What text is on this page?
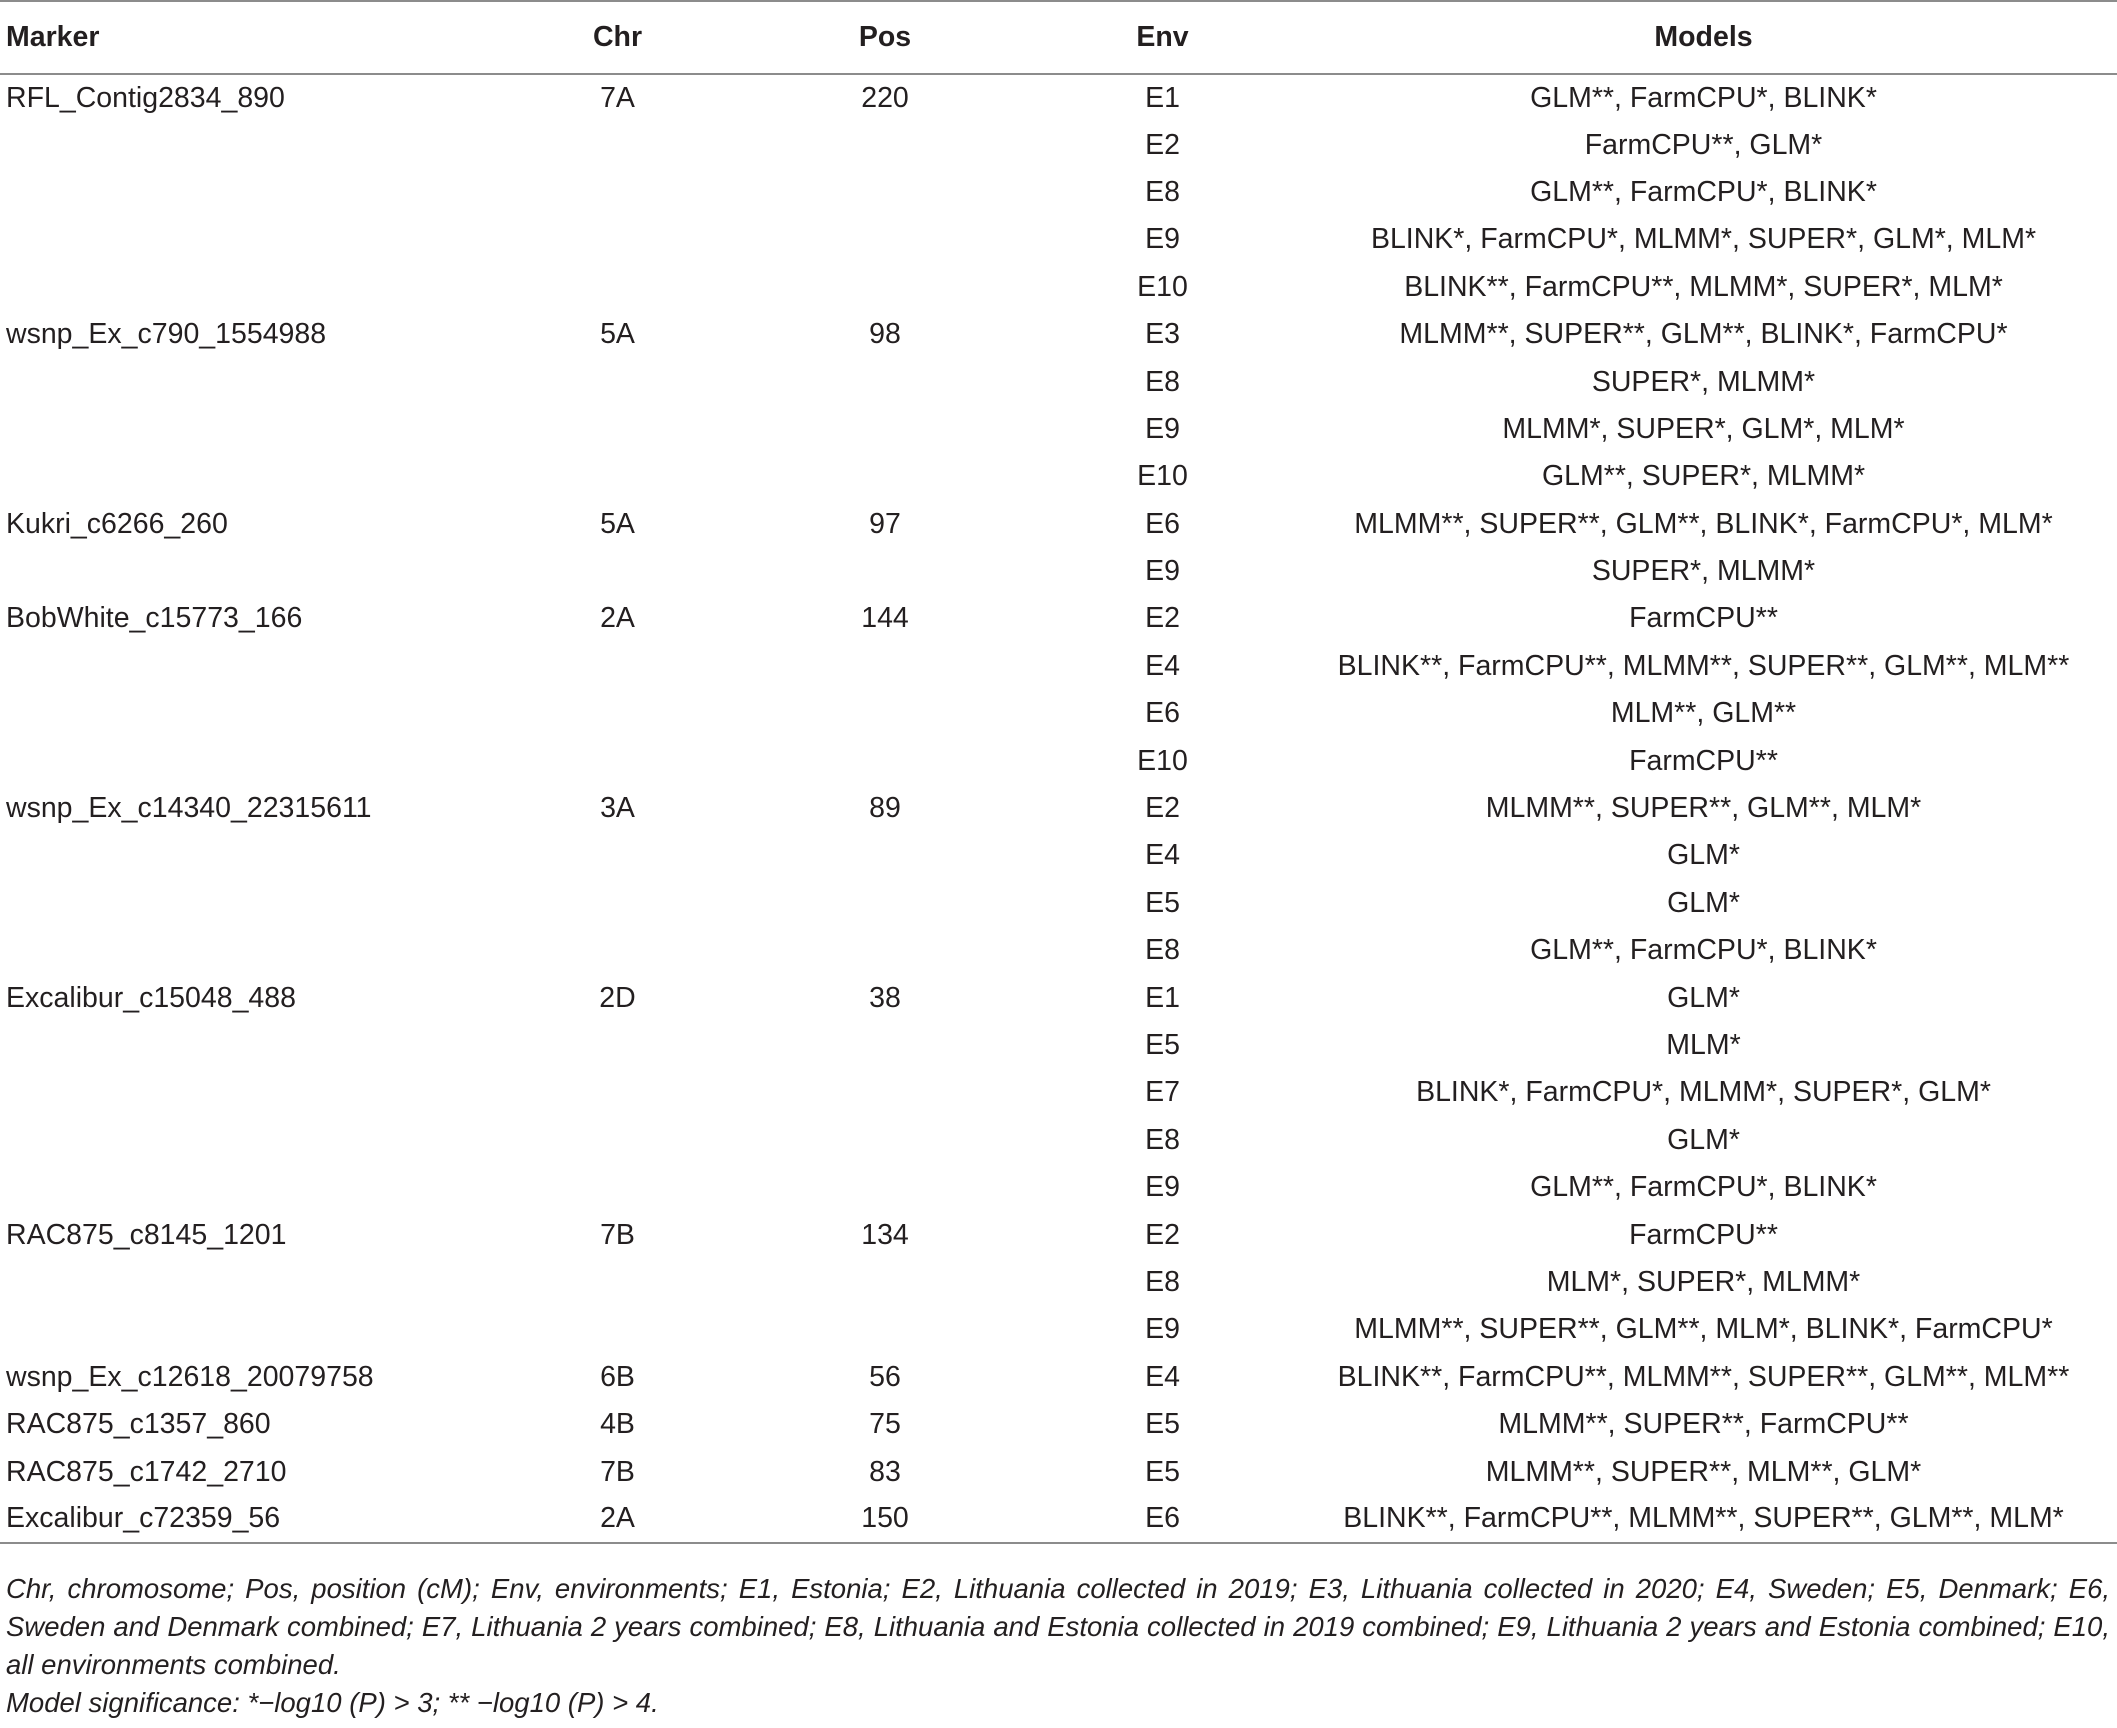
Marker	Chr	Pos	Env	Models
RFL_Contig2834_890	7A	220	E1	GLM**, FarmCPU*, BLINK*
			E2	FarmCPU**, GLM*
			E8	GLM**, FarmCPU*, BLINK*
			E9	BLINK*, FarmCPU*, MLMM*, SUPER*, GLM*, MLM*
			E10	BLINK**, FarmCPU**, MLMM*, SUPER*, MLM*
wsnp_Ex_c790_1554988	5A	98	E3	MLMM**, SUPER**, GLM**, BLINK*, FarmCPU*
			E8	SUPER*, MLMM*
			E9	MLMM*, SUPER*, GLM*, MLM*
			E10	GLM**, SUPER*, MLMM*
Kukri_c6266_260	5A	97	E6	MLMM**, SUPER**, GLM**, BLINK*, FarmCPU*, MLM*
			E9	SUPER*, MLMM*
BobWhite_c15773_166	2A	144	E2	FarmCPU**
			E4	BLINK**, FarmCPU**, MLMM**, SUPER**, GLM**, MLM**
			E6	MLM**, GLM**
			E10	FarmCPU**
wsnp_Ex_c14340_22315611	3A	89	E2	MLMM**, SUPER**, GLM**, MLM*
			E4	GLM*
			E5	GLM*
			E8	GLM**, FarmCPU*, BLINK*
Excalibur_c15048_488	2D	38	E1	GLM*
			E5	MLM*
			E7	BLINK*, FarmCPU*, MLMM*, SUPER*, GLM*
			E8	GLM*
			E9	GLM**, FarmCPU*, BLINK*
RAC875_c8145_1201	7B	134	E2	FarmCPU**
			E8	MLM*, SUPER*, MLMM*
			E9	MLMM**, SUPER**, GLM**, MLM*, BLINK*, FarmCPU*
wsnp_Ex_c12618_20079758	6B	56	E4	BLINK**, FarmCPU**, MLMM**, SUPER**, GLM**, MLM**
RAC875_c1357_860	4B	75	E5	MLMM**, SUPER**, FarmCPU**
RAC875_c1742_2710	7B	83	E5	MLMM**, SUPER**, MLM**, GLM*
Excalibur_c72359_56	2A	150	E6	BLINK**, FarmCPU**, MLMM**, SUPER**, GLM**, MLM*

Chr, chromosome; Pos, position (cM); Env, environments; E1, Estonia; E2, Lithuania collected in 2019; E3, Lithuania collected in 2020; E4, Sweden; E5, Denmark; E6, Sweden and Denmark combined; E7, Lithuania 2 years combined; E8, Lithuania and Estonia collected in 2019 combined; E9, Lithuania 2 years and Estonia combined; E10, all environments combined.

Model significance: *−log10 (P) > 3; ** −log10 (P) > 4.
